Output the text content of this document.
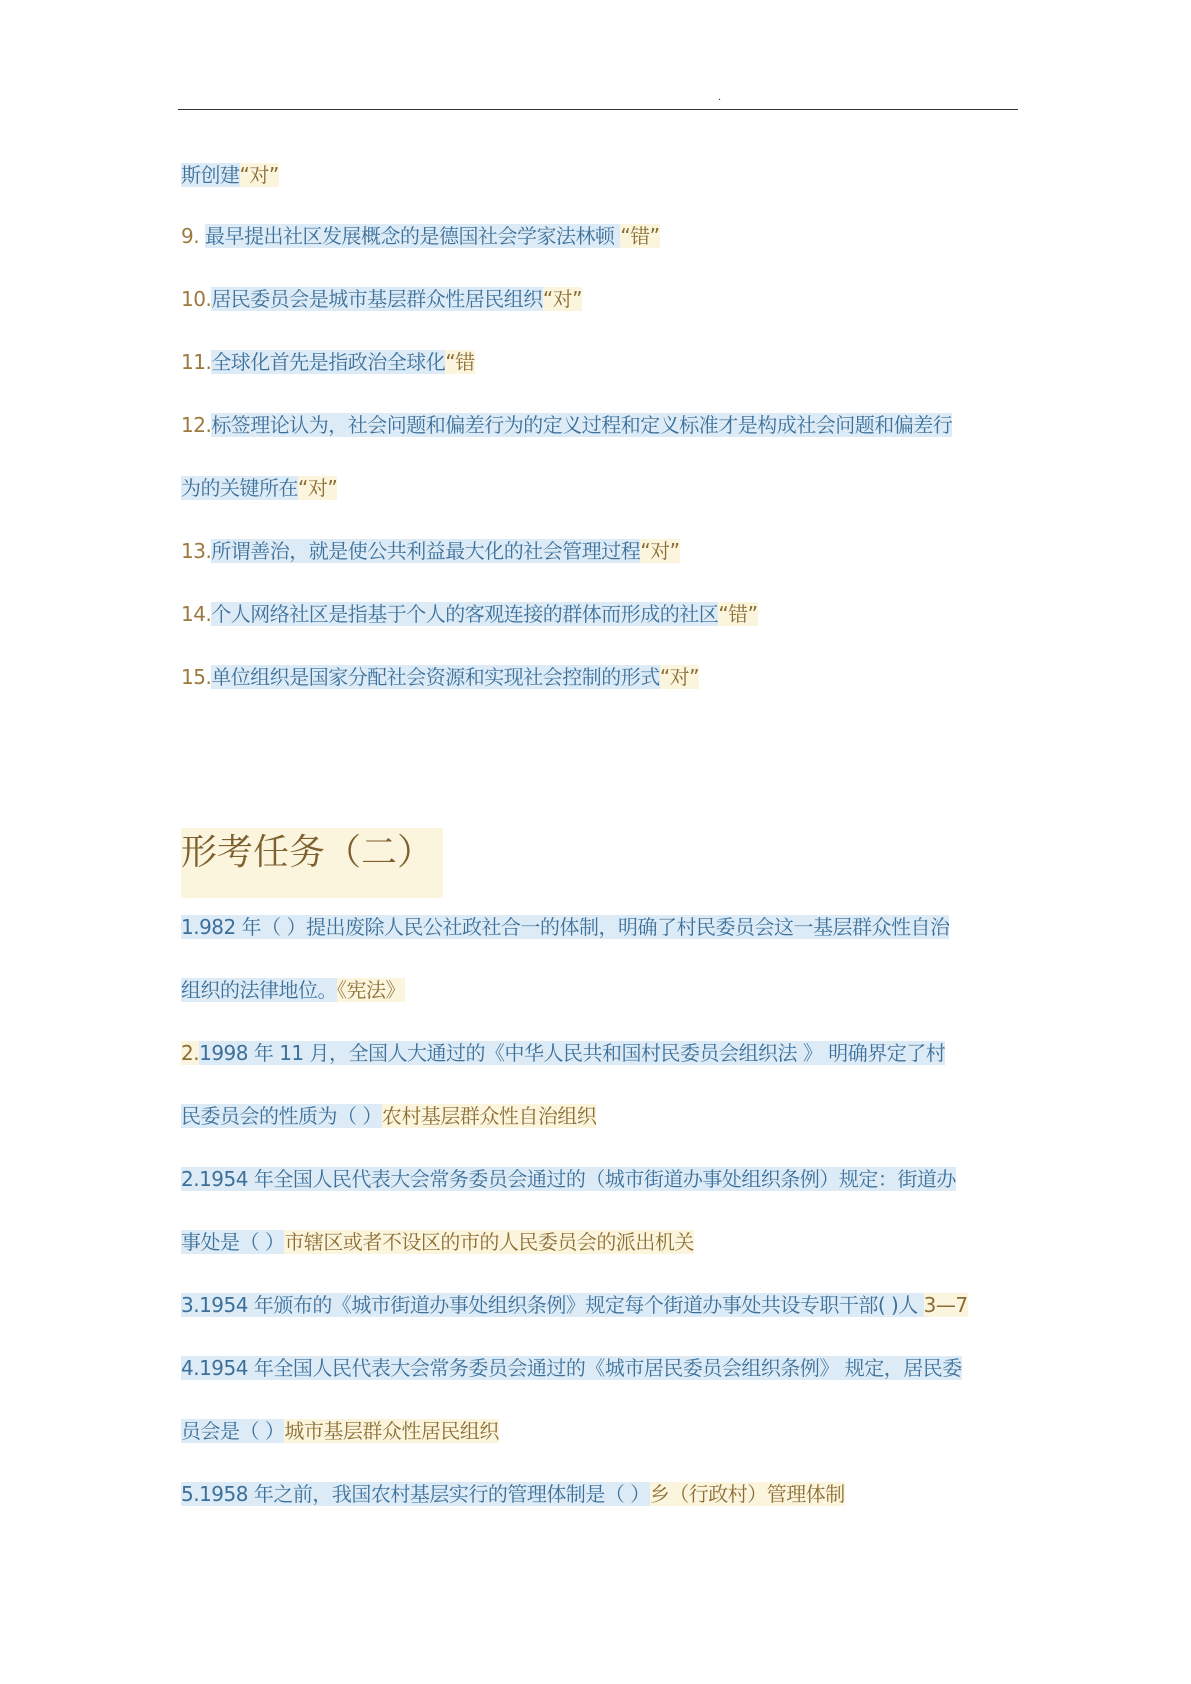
.
斯创建“对”
9. 最早提出社区发展概念的是德国社会学家法林顿 “错”
10.居民委员会是城市基层群众性居民组织“对”
11.全球化首先是指政治全球化“错
12.标签理论认为，社会问题和偏差行为的定义过程和定义标准才是构成社会问题和偏差行
为的关键所在“对”
13.所谓善治，就是使公共利益最大化的社会管理过程“对”
14.个人网络社区是指基于个人的客观连接的群体而形成的社区“错”
15.单位组织是国家分配社会资源和实现社会控制的形式“对”
形考任务（二）
1.982 年（ ）提出废除人民公社政社合一的体制，明确了村民委员会这一基层群众性自治
组织的法律地位。《宪法》
2.1998 年 11 月，全国人大通过的《中华人民共和国村民委员会组织法 》 明确界定了村
民委员会的性质为（ ）农村基层群众性自治组织
2.1954 年全国人民代表大会常务委员会通过的（城市街道办事处组织条例）规定：街道办
事处是（ ）市辖区或者不设区的市的人民委员会的派出机关
3.1954 年颁布的《城市街道办事处组织条例》规定每个街道办事处共设专职干部( )人 3—7
4.1954 年全国人民代表大会常务委员会通过的《城市居民委员会组织条例》 规定，居民委
员会是（ ）城市基层群众性居民组织
5.1958 年之前，我国农村基层实行的管理体制是（ ）乡（行政村）管理体制
